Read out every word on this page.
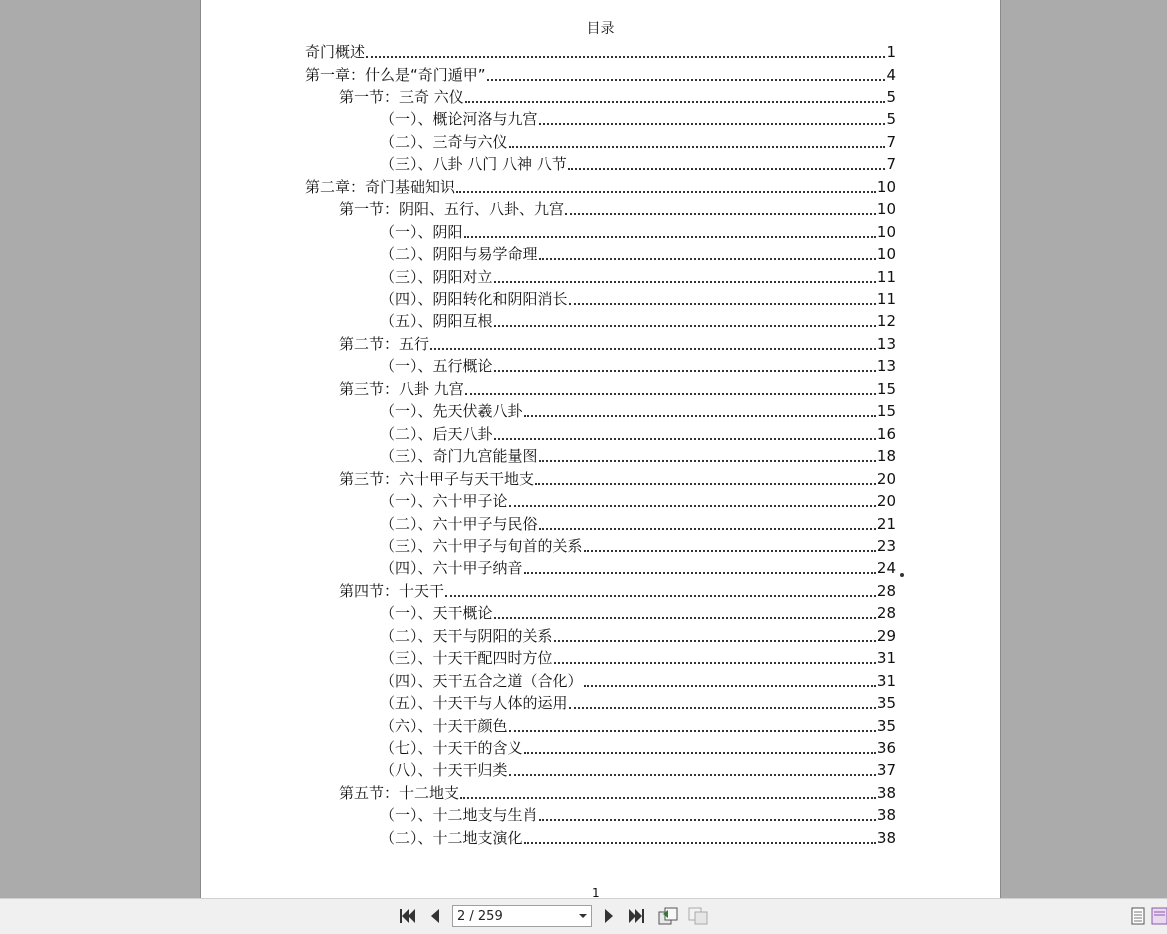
目录
奇门概述	1
第一章：什么是“奇门遁甲”	4
第一节：三奇 六仪	5
（一）、概论河洛与九宫	5
（二）、三奇与六仪	7
（三）、八卦 八门 八神 八节	7
第二章：奇门基础知识	10
第一节：阴阳、五行、八卦、九宫	10
（一）、阴阳	10
（二）、阴阳与易学命理	10
（三）、阴阳对立	11
（四）、阴阳转化和阴阳消长	11
（五）、阴阳互根	12
第二节：五行	13
（一）、五行概论	13
第三节：八卦 九宫	15
（一）、先天伏羲八卦	15
（二）、后天八卦	16
（三）、奇门九宫能量图	18
第三节：六十甲子与天干地支	20
（一）、六十甲子论	20
（二）、六十甲子与民俗	21
（三）、六十甲子与旬首的关系	23
（四）、六十甲子纳音	24
第四节：十天干	28
（一）、天干概论	28
（二）、天干与阴阳的关系	29
（三）、十天干配四时方位	31
（四）、天干五合之道（合化）	31
（五）、十天干与人体的运用	35
（六）、十天干颜色	35
（七）、十天干的含义	36
（八）、十天干归类	37
第五节：十二地支	38
（一）、十二地支与生肖	38
（二）、十二地支演化	38
1
2 / 259
